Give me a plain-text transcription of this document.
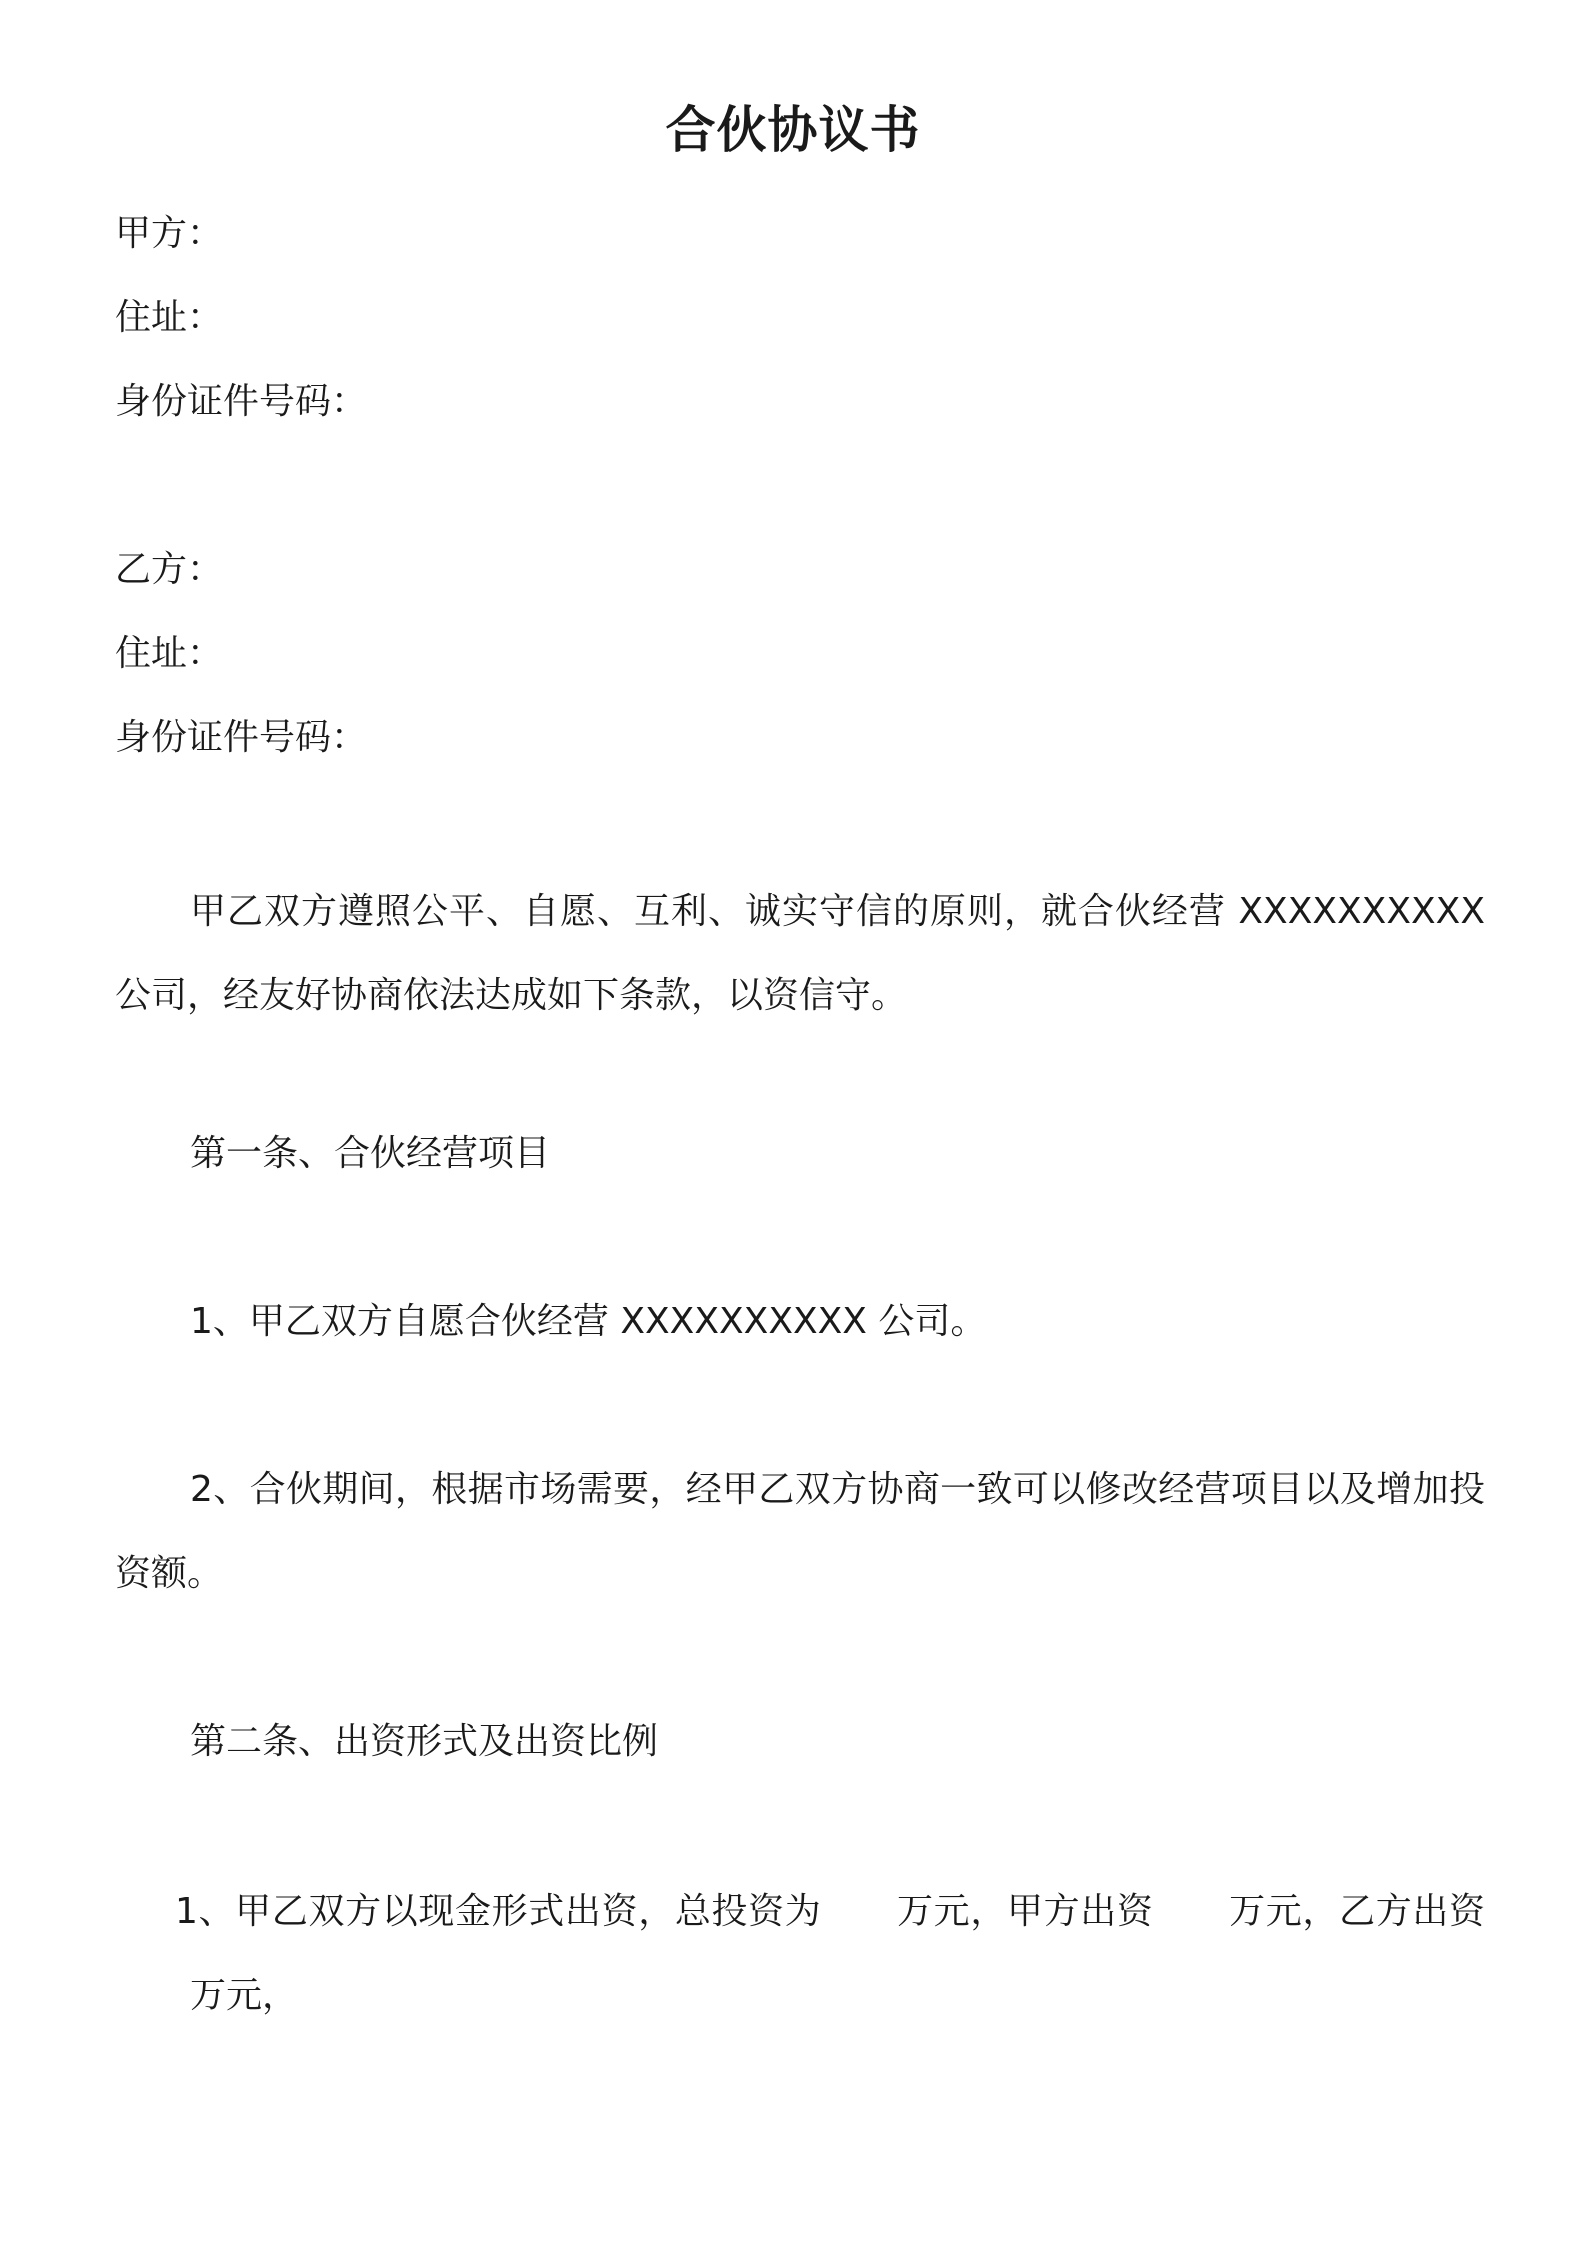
合伙协议书
甲方：
住址：
身份证件号码：
乙方：
住址：
身份证件号码：
甲乙双方遵照公平、自愿、互利、诚实守信的原则，就合伙经营 XXXXXXXXXX 公司，经友好协商依法达成如下条款，以资信守。
第一条、合伙经营项目
1、甲乙双方自愿合伙经营 XXXXXXXXXX 公司。
2、合伙期间，根据市场需要，经甲乙双方协商一致可以修改经营项目以及增加投资额。
第二条、出资形式及出资比例
1、甲乙双方以现金形式出资，总投资为 万元，甲方出资 万元，乙方出资万元，
